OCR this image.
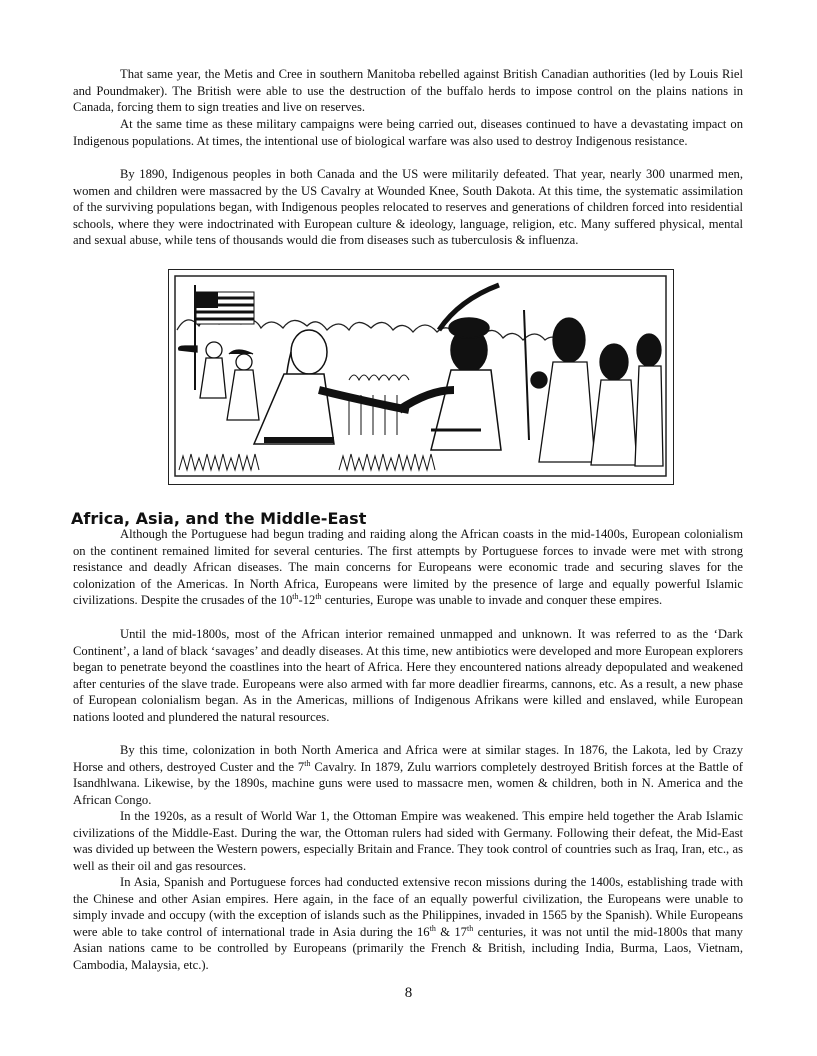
That same year, the Metis and Cree in southern Manitoba rebelled against British Canadian authorities (led by Louis Riel and Poundmaker). The British were able to use the destruction of the buffalo herds to impose control on the plains nations in Canada, forcing them to sign treaties and live on reserves.

At the same time as these military campaigns were being carried out, diseases continued to have a devastating impact on Indigenous populations. At times, the intentional use of biological warfare was also used to destroy Indigenous resistance.

By 1890, Indigenous peoples in both Canada and the US were militarily defeated. That year, nearly 300 unarmed men, women and children were massacred by the US Cavalry at Wounded Knee, South Dakota. At this time, the systematic assimilation of the surviving populations began, with Indigenous peoples relocated to reserves and generations of children forced into residential schools, where they were indoctrinated with European culture & ideology, language, religion, etc. Many suffered physical, mental and sexual abuse, while tens of thousands would die from diseases such as tuberculosis & influenza.

Africa, Asia, and the Middle-East

Although the Portuguese had begun trading and raiding along the African coasts in the mid-1400s, European colonialism on the continent remained limited for several centuries. The first attempts by Portuguese forces to invade were met with strong resistance and deadly African diseases. The main concerns for Europeans were economic trade and securing slaves for the colonization of the Americas. In North Africa, Europeans were limited by the presence of large and equally powerful Islamic civilizations. Despite the crusades of the 10th-12th centuries, Europe was unable to invade and conquer these empires.

Until the mid-1800s, most of the African interior remained unmapped and unknown. It was referred to as the ‘Dark Continent’, a land of black ‘savages’ and deadly diseases. At this time, new antibiotics were developed and more European explorers began to penetrate beyond the coastlines into the heart of Africa. Here they encountered nations already depopulated and weakened after centuries of the slave trade. Europeans were also armed with far more deadlier firearms, cannons, etc. As a result, a new phase of European colonialism began. As in the Americas, millions of Indigenous Afrikans were killed and enslaved, while European nations looted and plundered the natural resources.

By this time, colonization in both North America and Africa were at similar stages. In 1876, the Lakota, led by Crazy Horse and others, destroyed Custer and the 7th Cavalry. In 1879, Zulu warriors completely destroyed British forces at the Battle of Isandhlwana. Likewise, by the 1890s, machine guns were used to massacre men, women & children, both in N. America and the African Congo.

In the 1920s, as a result of World War 1, the Ottoman Empire was weakened. This empire held together the Arab Islamic civilizations of the Middle-East. During the war, the Ottoman rulers had sided with Germany. Following their defeat, the Mid-East was divided up between the Western powers, especially Britain and France. They took control of countries such as Iraq, Iran, etc., as well as their oil and gas resources.

In Asia, Spanish and Portuguese forces had conducted extensive recon missions during the 1400s, establishing trade with the Chinese and other Asian empires. Here again, in the face of an equally powerful civilization, the Europeans were unable to simply invade and occupy (with the exception of islands such as the Philippines, invaded in 1565 by the Spanish). While Europeans were able to take control of international trade in Asia during the 16th & 17th centuries, it was not until the mid-1800s that many Asian nations came to be controlled by Europeans (primarily the French & British, including India, Burma, Laos, Vietnam, Cambodia, Malaysia, etc.).

8
